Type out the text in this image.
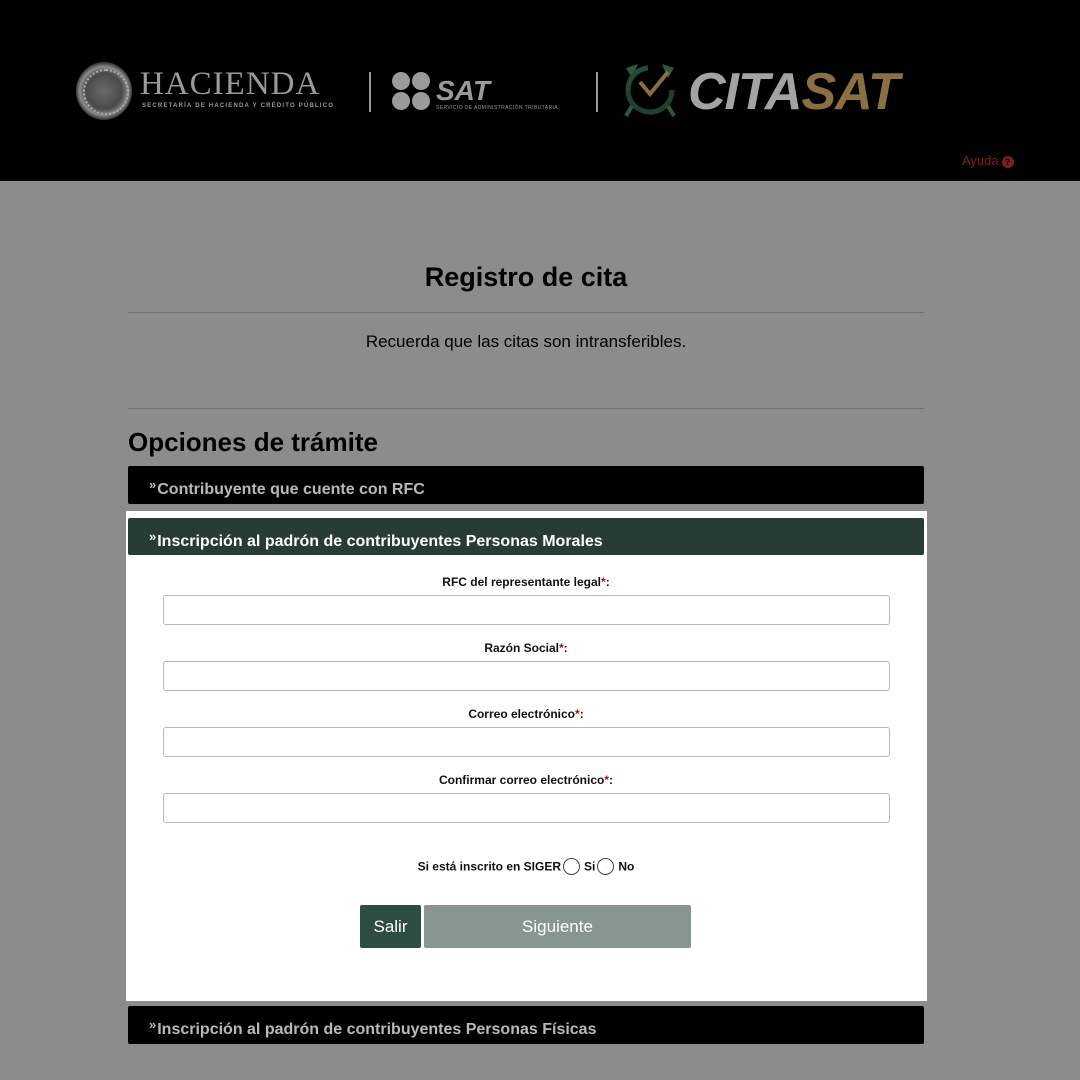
HACIENDA
SECRETARÍA DE HACIENDA Y CRÉDITO PÚBLICO	SAT
SERVICIO DE ADMINISTRACIÓN TRIBUTARIA CITASAT
Ayuda ?
Registro de cita
Recuerda que las citas son intransferibles.
Opciones de trámite
»Contribuyente que cuente con RFC
»Inscripción al padrón de contribuyentes Personas Morales
RFC del representante legal*:
Razón Social*:
Correo electrónico*:
Confirmar correo electrónico*:
Si está inscrito en SIGER Si No
Salir	Siguiente
»Inscripción al padrón de contribuyentes Personas Físicas
